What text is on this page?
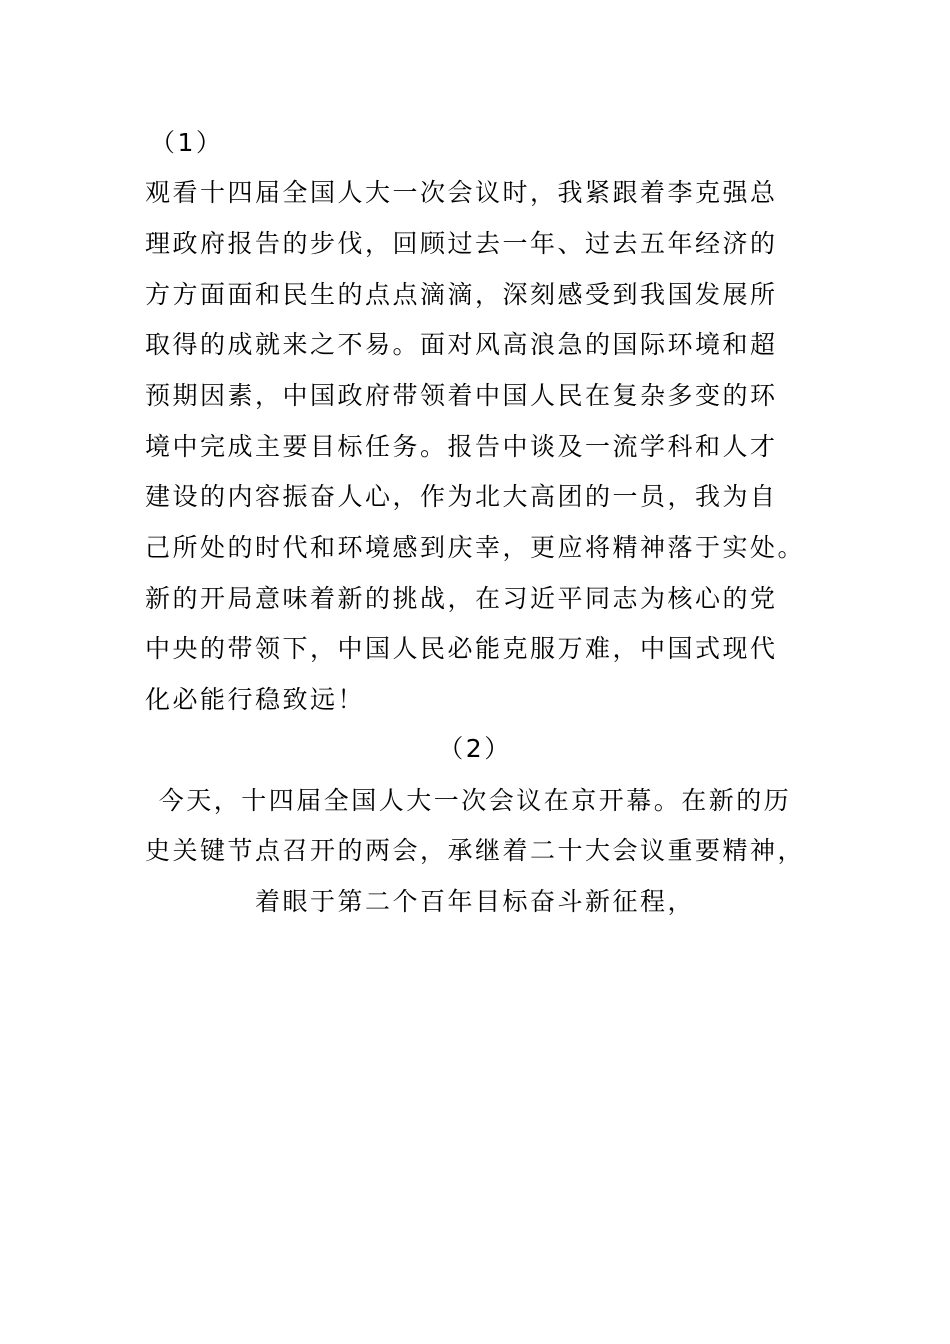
（1）

观看十四届全国人大一次会议时，我紧跟着李克强总

理政府报告的步伐，回顾过去一年、过去五年经济的

方方面面和民生的点点滴滴，深刻感受到我国发展所

取得的成就来之不易。面对风高浪急的国际环境和超

预期因素，中国政府带领着中国人民在复杂多变的环

境中完成主要目标任务。报告中谈及一流学科和人才

建设的内容振奋人心，作为北大高团的一员，我为自

己所处的时代和环境感到庆幸，更应将精神落于实处。

新的开局意味着新的挑战，在习近平同志为核心的党

中央的带领下，中国人民必能克服万难，中国式现代

化必能行稳致远！

（2）

今天，十四届全国人大一次会议在京开幕。在新的历

史关键节点召开的两会，承继着二十大会议重要精神，

着眼于第二个百年目标奋斗新征程，
